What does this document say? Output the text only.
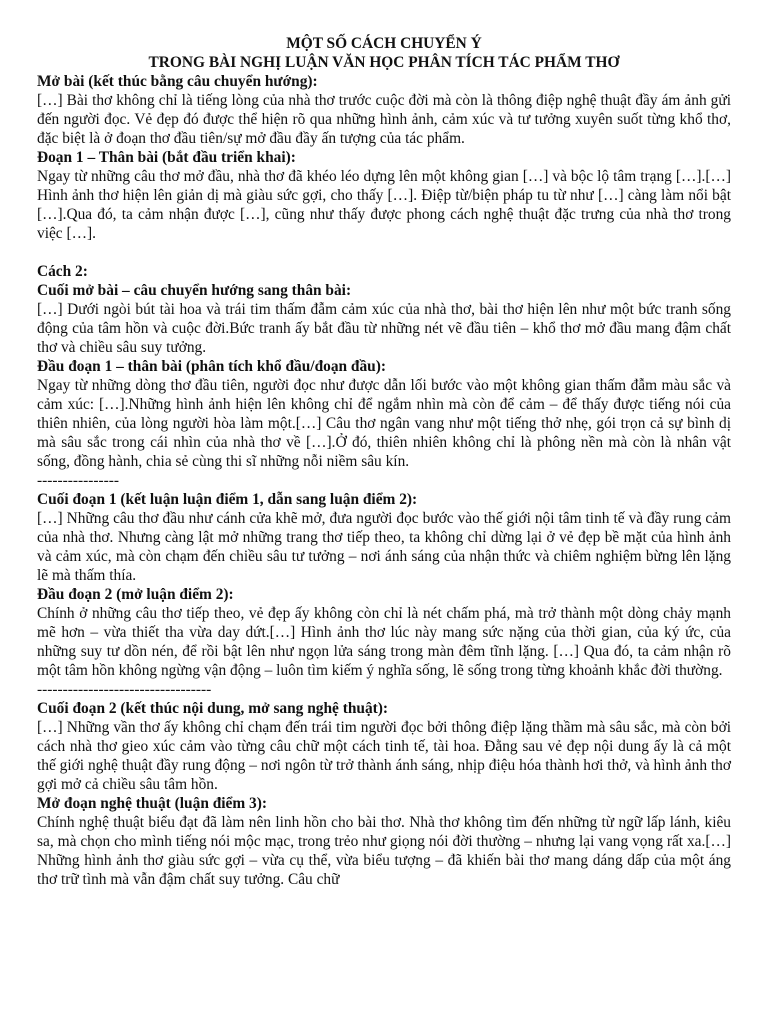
MỘT SỐ CÁCH CHUYỂN Ý

TRONG BÀI NGHỊ LUẬN VĂN HỌC PHÂN TÍCH TÁC PHẨM THƠ

Mở bài (kết thúc bằng câu chuyển hướng):

[…] Bài thơ không chỉ là tiếng lòng của nhà thơ trước cuộc đời mà còn là thông điệp nghệ thuật đầy ám ảnh gửi đến người đọc. Vẻ đẹp đó được thể hiện rõ qua những hình ảnh, cảm xúc và tư tưởng xuyên suốt từng khổ thơ, đặc biệt là ở đoạn thơ đầu tiên/sự mở đầu đầy ấn tượng của tác phẩm.

Đoạn 1 – Thân bài (bắt đầu triển khai):

Ngay từ những câu thơ mở đầu, nhà thơ đã khéo léo dựng lên một không gian […] và bộc lộ tâm trạng […].[…] Hình ảnh thơ hiện lên giản dị mà giàu sức gợi, cho thấy […]. Điệp từ/biện pháp tu từ như […] càng làm nổi bật […].Qua đó, ta cảm nhận được […], cũng như thấy được phong cách nghệ thuật đặc trưng của nhà thơ trong việc […].

Cách 2:

Cuối mở bài – câu chuyển hướng sang thân bài:

[…] Dưới ngòi bút tài hoa và trái tim thấm đẫm cảm xúc của nhà thơ, bài thơ hiện lên như một bức tranh sống động của tâm hồn và cuộc đời.Bức tranh ấy bắt đầu từ những nét vẽ đầu tiên – khổ thơ mở đầu mang đậm chất thơ và chiều sâu suy tưởng.

Đầu đoạn 1 – thân bài (phân tích khổ đầu/đoạn đầu):

Ngay từ những dòng thơ đầu tiên, người đọc như được dẫn lối bước vào một không gian thấm đẫm màu sắc và cảm xúc: […].Những hình ảnh hiện lên không chỉ để ngắm nhìn mà còn để cảm – để thấy được tiếng nói của thiên nhiên, của lòng người hòa làm một.[…] Câu thơ ngân vang như một tiếng thở nhẹ, gói trọn cả sự bình dị mà sâu sắc trong cái nhìn của nhà thơ về […].Ở đó, thiên nhiên không chỉ là phông nền mà còn là nhân vật sống, đồng hành, chia sẻ cùng thi sĩ những nỗi niềm sâu kín.

----------------

Cuối đoạn 1 (kết luận luận điểm 1, dẫn sang luận điểm 2):

[…] Những câu thơ đầu như cánh cửa khẽ mở, đưa người đọc bước vào thế giới nội tâm tinh tế và đầy rung cảm của nhà thơ. Nhưng càng lật mở những trang thơ tiếp theo, ta không chỉ dừng lại ở vẻ đẹp bề mặt của hình ảnh và cảm xúc, mà còn chạm đến chiều sâu tư tưởng – nơi ánh sáng của nhận thức và chiêm nghiệm bừng lên lặng lẽ mà thấm thía.

Đầu đoạn 2 (mở luận điểm 2):

Chính ở những câu thơ tiếp theo, vẻ đẹp ấy không còn chỉ là nét chấm phá, mà trở thành một dòng chảy mạnh mẽ hơn – vừa thiết tha vừa day dứt.[…] Hình ảnh thơ lúc này mang sức nặng của thời gian, của ký ức, của những suy tư dồn nén, để rồi bật lên như ngọn lửa sáng trong màn đêm tĩnh lặng. […] Qua đó, ta cảm nhận rõ một tâm hồn không ngừng vận động – luôn tìm kiếm ý nghĩa sống, lẽ sống trong từng khoảnh khắc đời thường.

----------------------------------

Cuối đoạn 2 (kết thúc nội dung, mở sang nghệ thuật):

[…] Những vần thơ ấy không chỉ chạm đến trái tim người đọc bởi thông điệp lặng thầm mà sâu sắc, mà còn bởi cách nhà thơ gieo xúc cảm vào từng câu chữ một cách tinh tế, tài hoa. Đằng sau vẻ đẹp nội dung ấy là cả một thế giới nghệ thuật đầy rung động – nơi ngôn từ trở thành ánh sáng, nhịp điệu hóa thành hơi thở, và hình ảnh thơ gợi mở cả chiều sâu tâm hồn.

Mở đoạn nghệ thuật (luận điểm 3):

Chính nghệ thuật biểu đạt đã làm nên linh hồn cho bài thơ. Nhà thơ không tìm đến những từ ngữ lấp lánh, kiêu sa, mà chọn cho mình tiếng nói mộc mạc, trong trẻo như giọng nói đời thường – nhưng lại vang vọng rất xa.[…] Những hình ảnh thơ giàu sức gợi – vừa cụ thể, vừa biểu tượng – đã khiến bài thơ mang dáng dấp của một áng thơ trữ tình mà vẫn đậm chất suy tưởng. Câu chữ
